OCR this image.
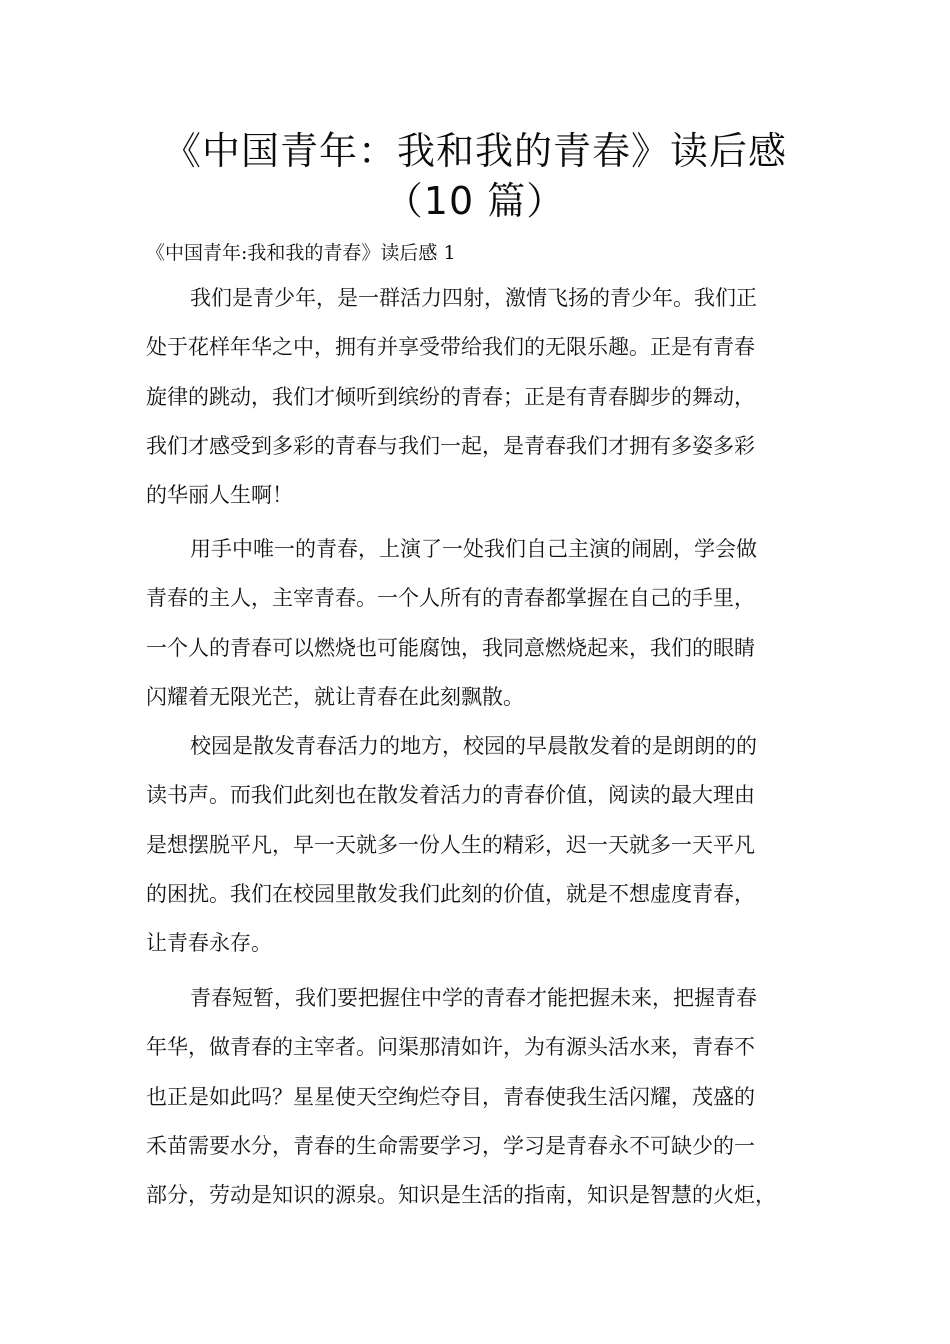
《中国青年：我和我的青春》读后感
（10 篇）
《中国青年:我和我的青春》读后感 1
我们是青少年，是一群活力四射，激情飞扬的青少年。我们正
处于花样年华之中，拥有并享受带给我们的无限乐趣。正是有青春
旋律的跳动，我们才倾听到缤纷的青春；正是有青春脚步的舞动，
我们才感受到多彩的青春与我们一起，是青春我们才拥有多姿多彩
的华丽人生啊！
用手中唯一的青春，上演了一处我们自己主演的闹剧，学会做
青春的主人，主宰青春。一个人所有的青春都掌握在自己的手里，
一个人的青春可以燃烧也可能腐蚀，我同意燃烧起来，我们的眼睛
闪耀着无限光芒，就让青春在此刻飘散。
校园是散发青春活力的地方，校园的早晨散发着的是朗朗的的
读书声。而我们此刻也在散发着活力的青春价值，阅读的最大理由
是想摆脱平凡，早一天就多一份人生的精彩，迟一天就多一天平凡
的困扰。我们在校园里散发我们此刻的价值，就是不想虚度青春，
让青春永存。
青春短暂，我们要把握住中学的青春才能把握未来，把握青春
年华，做青春的主宰者。问渠那清如许，为有源头活水来，青春不
也正是如此吗？星星使天空绚烂夺目，青春使我生活闪耀，茂盛的
禾苗需要水分，青春的生命需要学习，学习是青春永不可缺少的一
部分，劳动是知识的源泉。知识是生活的指南，知识是智慧的火炬，
